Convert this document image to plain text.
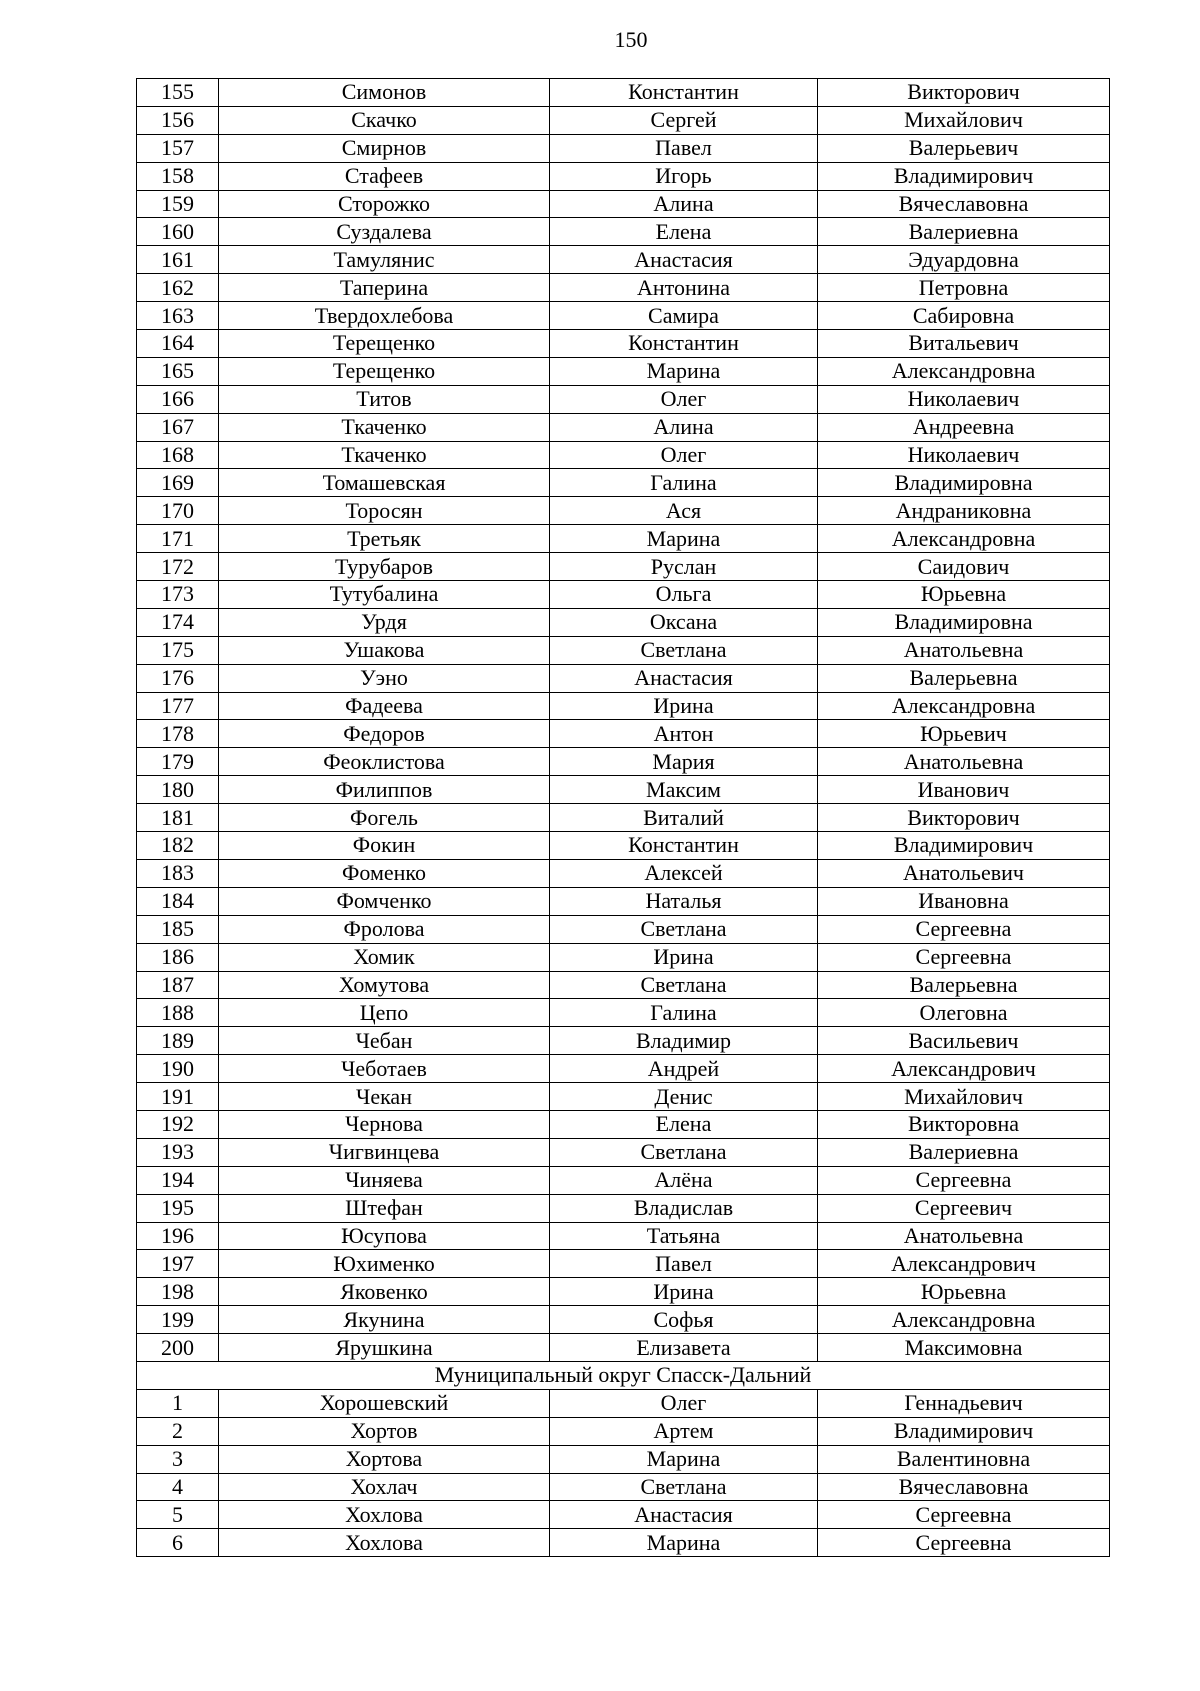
150
155	Симонов	Константин	Викторович
156	Скачко	Сергей	Михайлович
157	Смирнов	Павел	Валерьевич
158	Стафеев	Игорь	Владимирович
159	Сторожко	Алина	Вячеславовна
160	Суздалева	Елена	Валериевна
161	Тамулянис	Анастасия	Эдуардовна
162	Таперина	Антонина	Петровна
163	Твердохлебова	Самира	Сабировна
164	Терещенко	Константин	Витальевич
165	Терещенко	Марина	Александровна
166	Титов	Олег	Николаевич
167	Ткаченко	Алина	Андреевна
168	Ткаченко	Олег	Николаевич
169	Томашевская	Галина	Владимировна
170	Торосян	Ася	Андраниковна
171	Третьяк	Марина	Александровна
172	Турубаров	Руслан	Саидович
173	Тутубалина	Ольга	Юрьевна
174	Урдя	Оксана	Владимировна
175	Ушакова	Светлана	Анатольевна
176	Уэно	Анастасия	Валерьевна
177	Фадеева	Ирина	Александровна
178	Федоров	Антон	Юрьевич
179	Феоклистова	Мария	Анатольевна
180	Филиппов	Максим	Иванович
181	Фогель	Виталий	Викторович
182	Фокин	Константин	Владимирович
183	Фоменко	Алексей	Анатольевич
184	Фомченко	Наталья	Ивановна
185	Фролова	Светлана	Сергеевна
186	Хомик	Ирина	Сергеевна
187	Хомутова	Светлана	Валерьевна
188	Цепо	Галина	Олеговна
189	Чебан	Владимир	Васильевич
190	Чеботаев	Андрей	Александрович
191	Чекан	Денис	Михайлович
192	Чернова	Елена	Викторовна
193	Чигвинцева	Светлана	Валериевна
194	Чиняева	Алёна	Сергеевна
195	Штефан	Владислав	Сергеевич
196	Юсупова	Татьяна	Анатольевна
197	Юхименко	Павел	Александрович
198	Яковенко	Ирина	Юрьевна
199	Якунина	Софья	Александровна
200	Ярушкина	Елизавета	Максимовна
Муниципальный округ Спасск-Дальний			
1	Хорошевский	Олег	Геннадьевич
2	Хортов	Артем	Владимирович
3	Хортова	Марина	Валентиновна
4	Хохлач	Светлана	Вячеславовна
5	Хохлова	Анастасия	Сергеевна
6	Хохлова	Марина	Сергеевна
